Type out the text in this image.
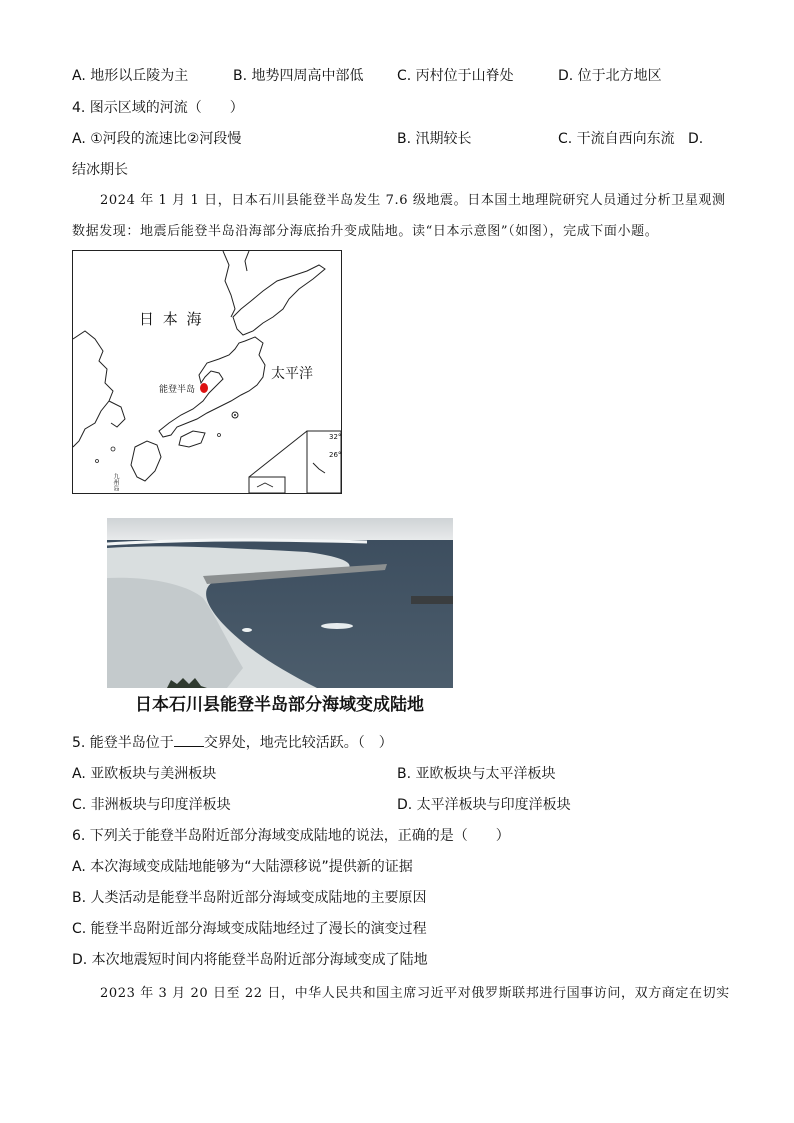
A. 地形以丘陵为主	B. 地势四周高中部低 C. 丙村位于山脊处	D. 位于北方地区
4. 图示区域的河流（　　）
A. ①河段的流速比②河段慢	B. 汛期较长	C. 干流自西向东流 D.
结冰期长
2024 年 1 月 1 日，日本石川县能登半岛发生 7.6 级地震。日本国土地理院研究人员通过分析卫星观测
数据发现：地震后能登半岛沿海部分海底抬升变成陆地。读“日本示意图”（如图），完成下面小题。
日 本 海
太平洋
能登半岛
九州岛
32°
26°
日本石川县能登半岛部分海域变成陆地
5. 能登半岛位于 交界处，地壳比较活跃。（　）
A. 亚欧板块与美洲板块	B. 亚欧板块与太平洋板块
C. 非洲板块与印度洋板块	D. 太平洋板块与印度洋板块
6. 下列关于能登半岛附近部分海域变成陆地的说法，正确的是（　　）
A. 本次海域变成陆地能够为“大陆漂移说”提供新的证据
B. 人类活动是能登半岛附近部分海域变成陆地的主要原因
C. 能登半岛附近部分海域变成陆地经过了漫长的演变过程
D. 本次地震短时间内将能登半岛附近部分海域变成了陆地
2023 年 3 月 20 日至 22 日，中华人民共和国主席习近平对俄罗斯联邦进行国事访问，双方商定在切实
